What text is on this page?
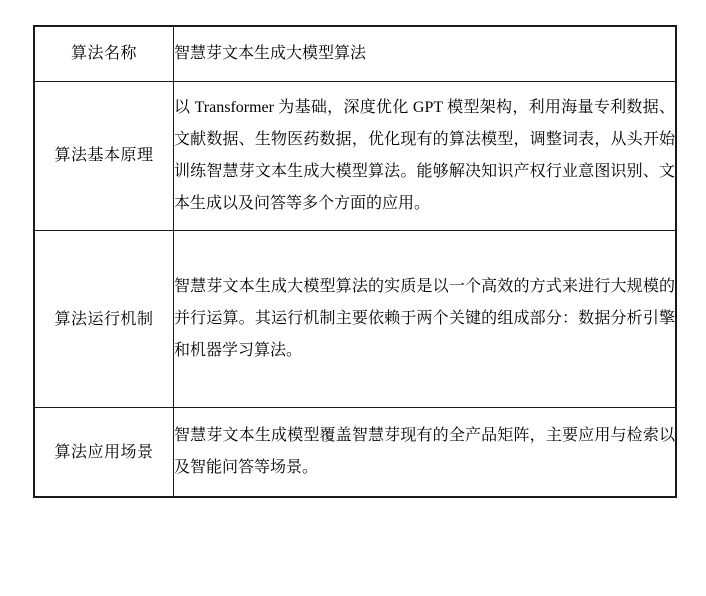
算法名称	智慧芽文本生成大模型算法
算法基本原理	以 Transformer 为基础，深度优化 GPT 模型架构，利用海量专利数据、文献数据、生物医药数据，优化现有的算法模型，调整词表，从头开始训练智慧芽文本生成大模型算法。能够解决知识产权行业意图识别、文本生成以及问答等多个方面的应用。
算法运行机制	智慧芽文本生成大模型算法的实质是以一个高效的方式来进行大规模的并行运算。其运行机制主要依赖于两个关键的组成部分：数据分析引擎和机器学习算法。
算法应用场景	智慧芽文本生成模型覆盖智慧芽现有的全产品矩阵，主要应用与检索以及智能问答等场景。
